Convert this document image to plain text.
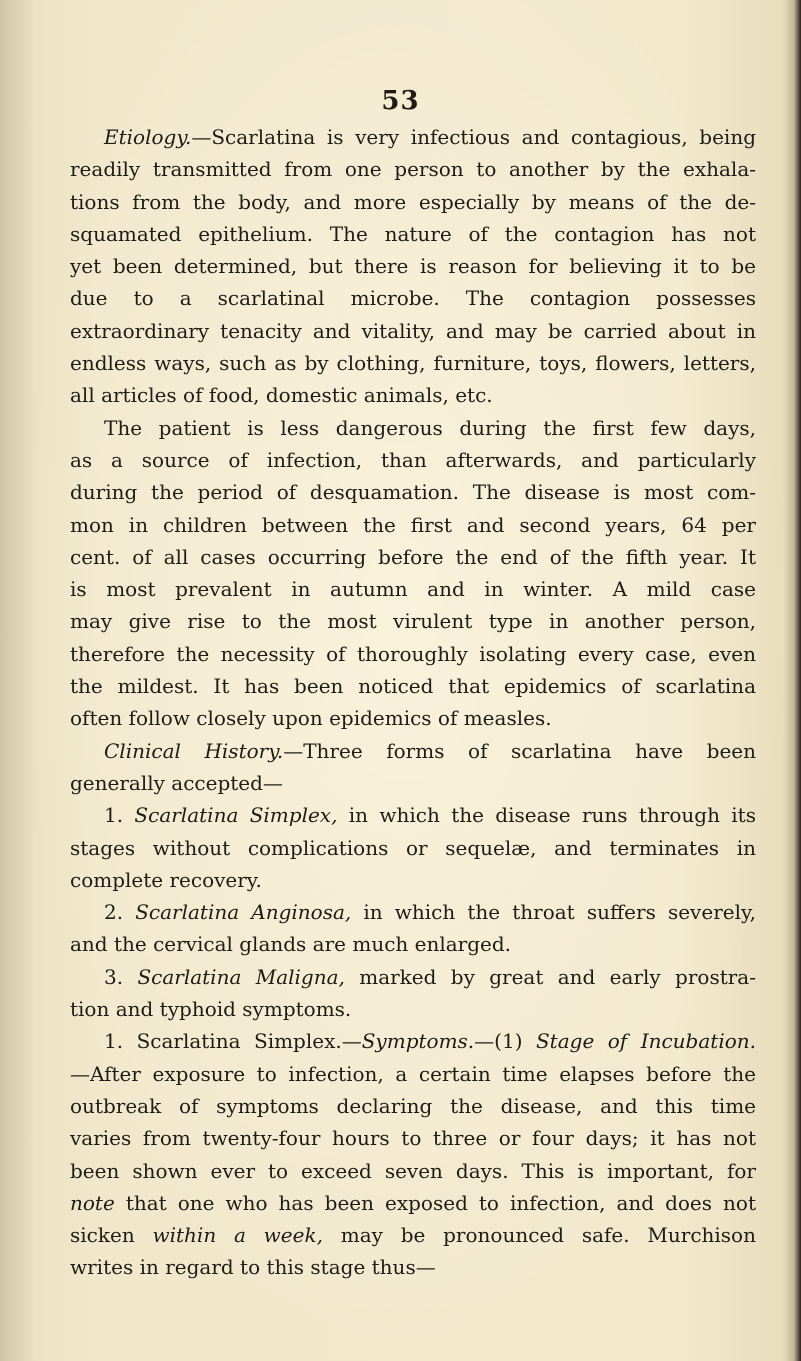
53
Etiology.—Scarlatina is very infectious and contagious, being
readily transmitted from one person to another by the exhala-
tions from the body, and more especially by means of the de-
squamated epithelium. The nature of the contagion has not
yet been determined, but there is reason for believing it to be
due to a scarlatinal microbe. The contagion possesses
extraordinary tenacity and vitality, and may be carried about in
endless ways, such as by clothing, furniture, toys, flowers, letters,
all articles of food, domestic animals, etc.
The patient is less dangerous during the first few days,
as a source of infection, than afterwards, and particularly
during the period of desquamation. The disease is most com-
mon in children between the first and second years, 64 per
cent. of all cases occurring before the end of the fifth year. It
is most prevalent in autumn and in winter. A mild case
may give rise to the most virulent type in another person,
therefore the necessity of thoroughly isolating every case, even
the mildest. It has been noticed that epidemics of scarlatina
often follow closely upon epidemics of measles.
Clinical History.—Three forms of scarlatina have been
generally accepted—
1. Scarlatina Simplex, in which the disease runs through its
stages without complications or sequelæ, and terminates in
complete recovery.
2. Scarlatina Anginosa, in which the throat suffers severely,
and the cervical glands are much enlarged.
3. Scarlatina Maligna, marked by great and early prostra-
tion and typhoid symptoms.
1. Scarlatina Simplex.—Symptoms.—(1) Stage of Incubation.
—After exposure to infection, a certain time elapses before the
outbreak of symptoms declaring the disease, and this time
varies from twenty-four hours to three or four days; it has not
been shown ever to exceed seven days. This is important, for
note that one who has been exposed to infection, and does not
sicken within a week, may be pronounced safe. Murchison
writes in regard to this stage thus—
